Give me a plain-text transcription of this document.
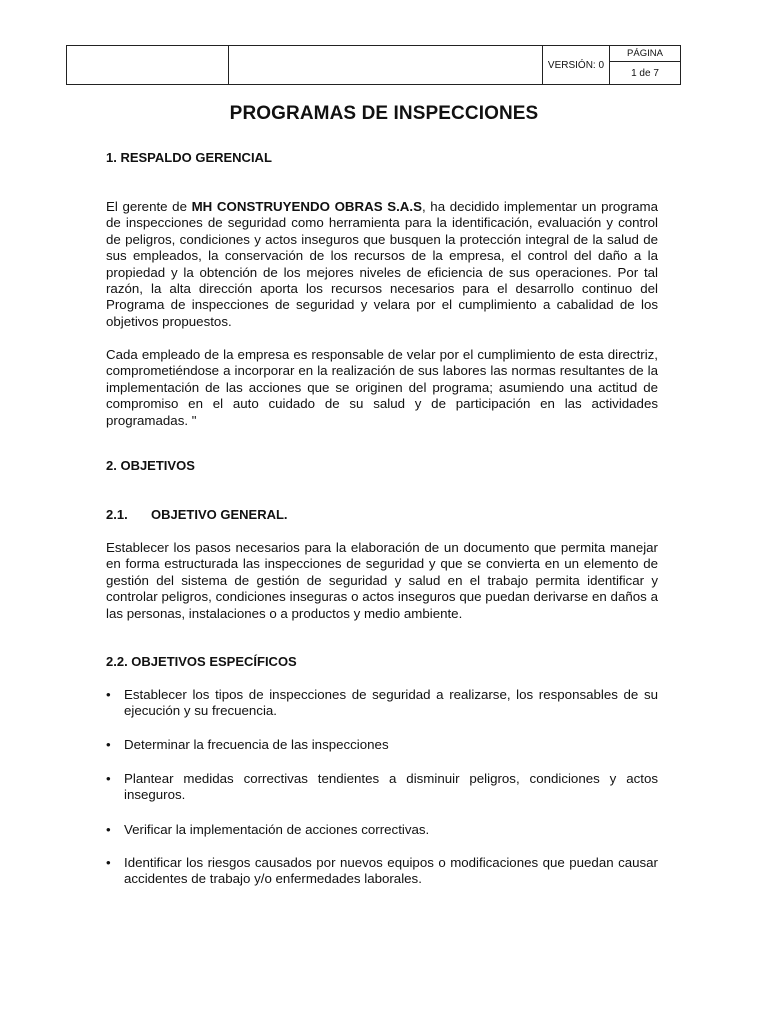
VERSIÓN: 0
PÁGINA
1 de 7
PROGRAMAS DE INSPECCIONES
1. RESPALDO GERENCIAL
El gerente de MH CONSTRUYENDO OBRAS S.A.S, ha decidido implementar un programa de inspecciones de seguridad como herramienta para la identificación, evaluación y control de peligros, condiciones y actos inseguros que busquen la protección integral de la salud de sus empleados, la conservación de los recursos de la empresa, el control del daño a la propiedad y la obtención de los mejores niveles de eficiencia de sus operaciones. Por tal razón, la alta dirección aporta los recursos necesarios para el desarrollo continuo del Programa de inspecciones de seguridad y velara por el cumplimiento a cabalidad de los objetivos propuestos.
Cada empleado de la empresa es responsable de velar por el cumplimiento de esta directriz, comprometiéndose a incorporar en la realización de sus labores las normas resultantes de la implementación de las acciones que se originen del programa; asumiendo una actitud de compromiso en el auto cuidado de su salud y de participación en las actividades programadas. "
2. OBJETIVOS
2.1. OBJETIVO GENERAL.
Establecer los pasos necesarios para la elaboración de un documento que permita manejar en forma estructurada las inspecciones de seguridad y que se convierta en un elemento de gestión del sistema de gestión de seguridad y salud en el trabajo permita identificar y controlar peligros, condiciones inseguras o actos inseguros que puedan derivarse en daños a las personas, instalaciones o a productos y medio ambiente.
2.2. OBJETIVOS ESPECÍFICOS
•	Establecer los tipos de inspecciones de seguridad a realizarse, los responsables de su ejecución y su frecuencia.
•	Determinar la frecuencia de las inspecciones
•	Plantear medidas correctivas tendientes a disminuir peligros, condiciones y actos inseguros.
•	Verificar la implementación de acciones correctivas.
•	Identificar los riesgos causados por nuevos equipos o modificaciones que puedan causar accidentes de trabajo y/o enfermedades laborales.
